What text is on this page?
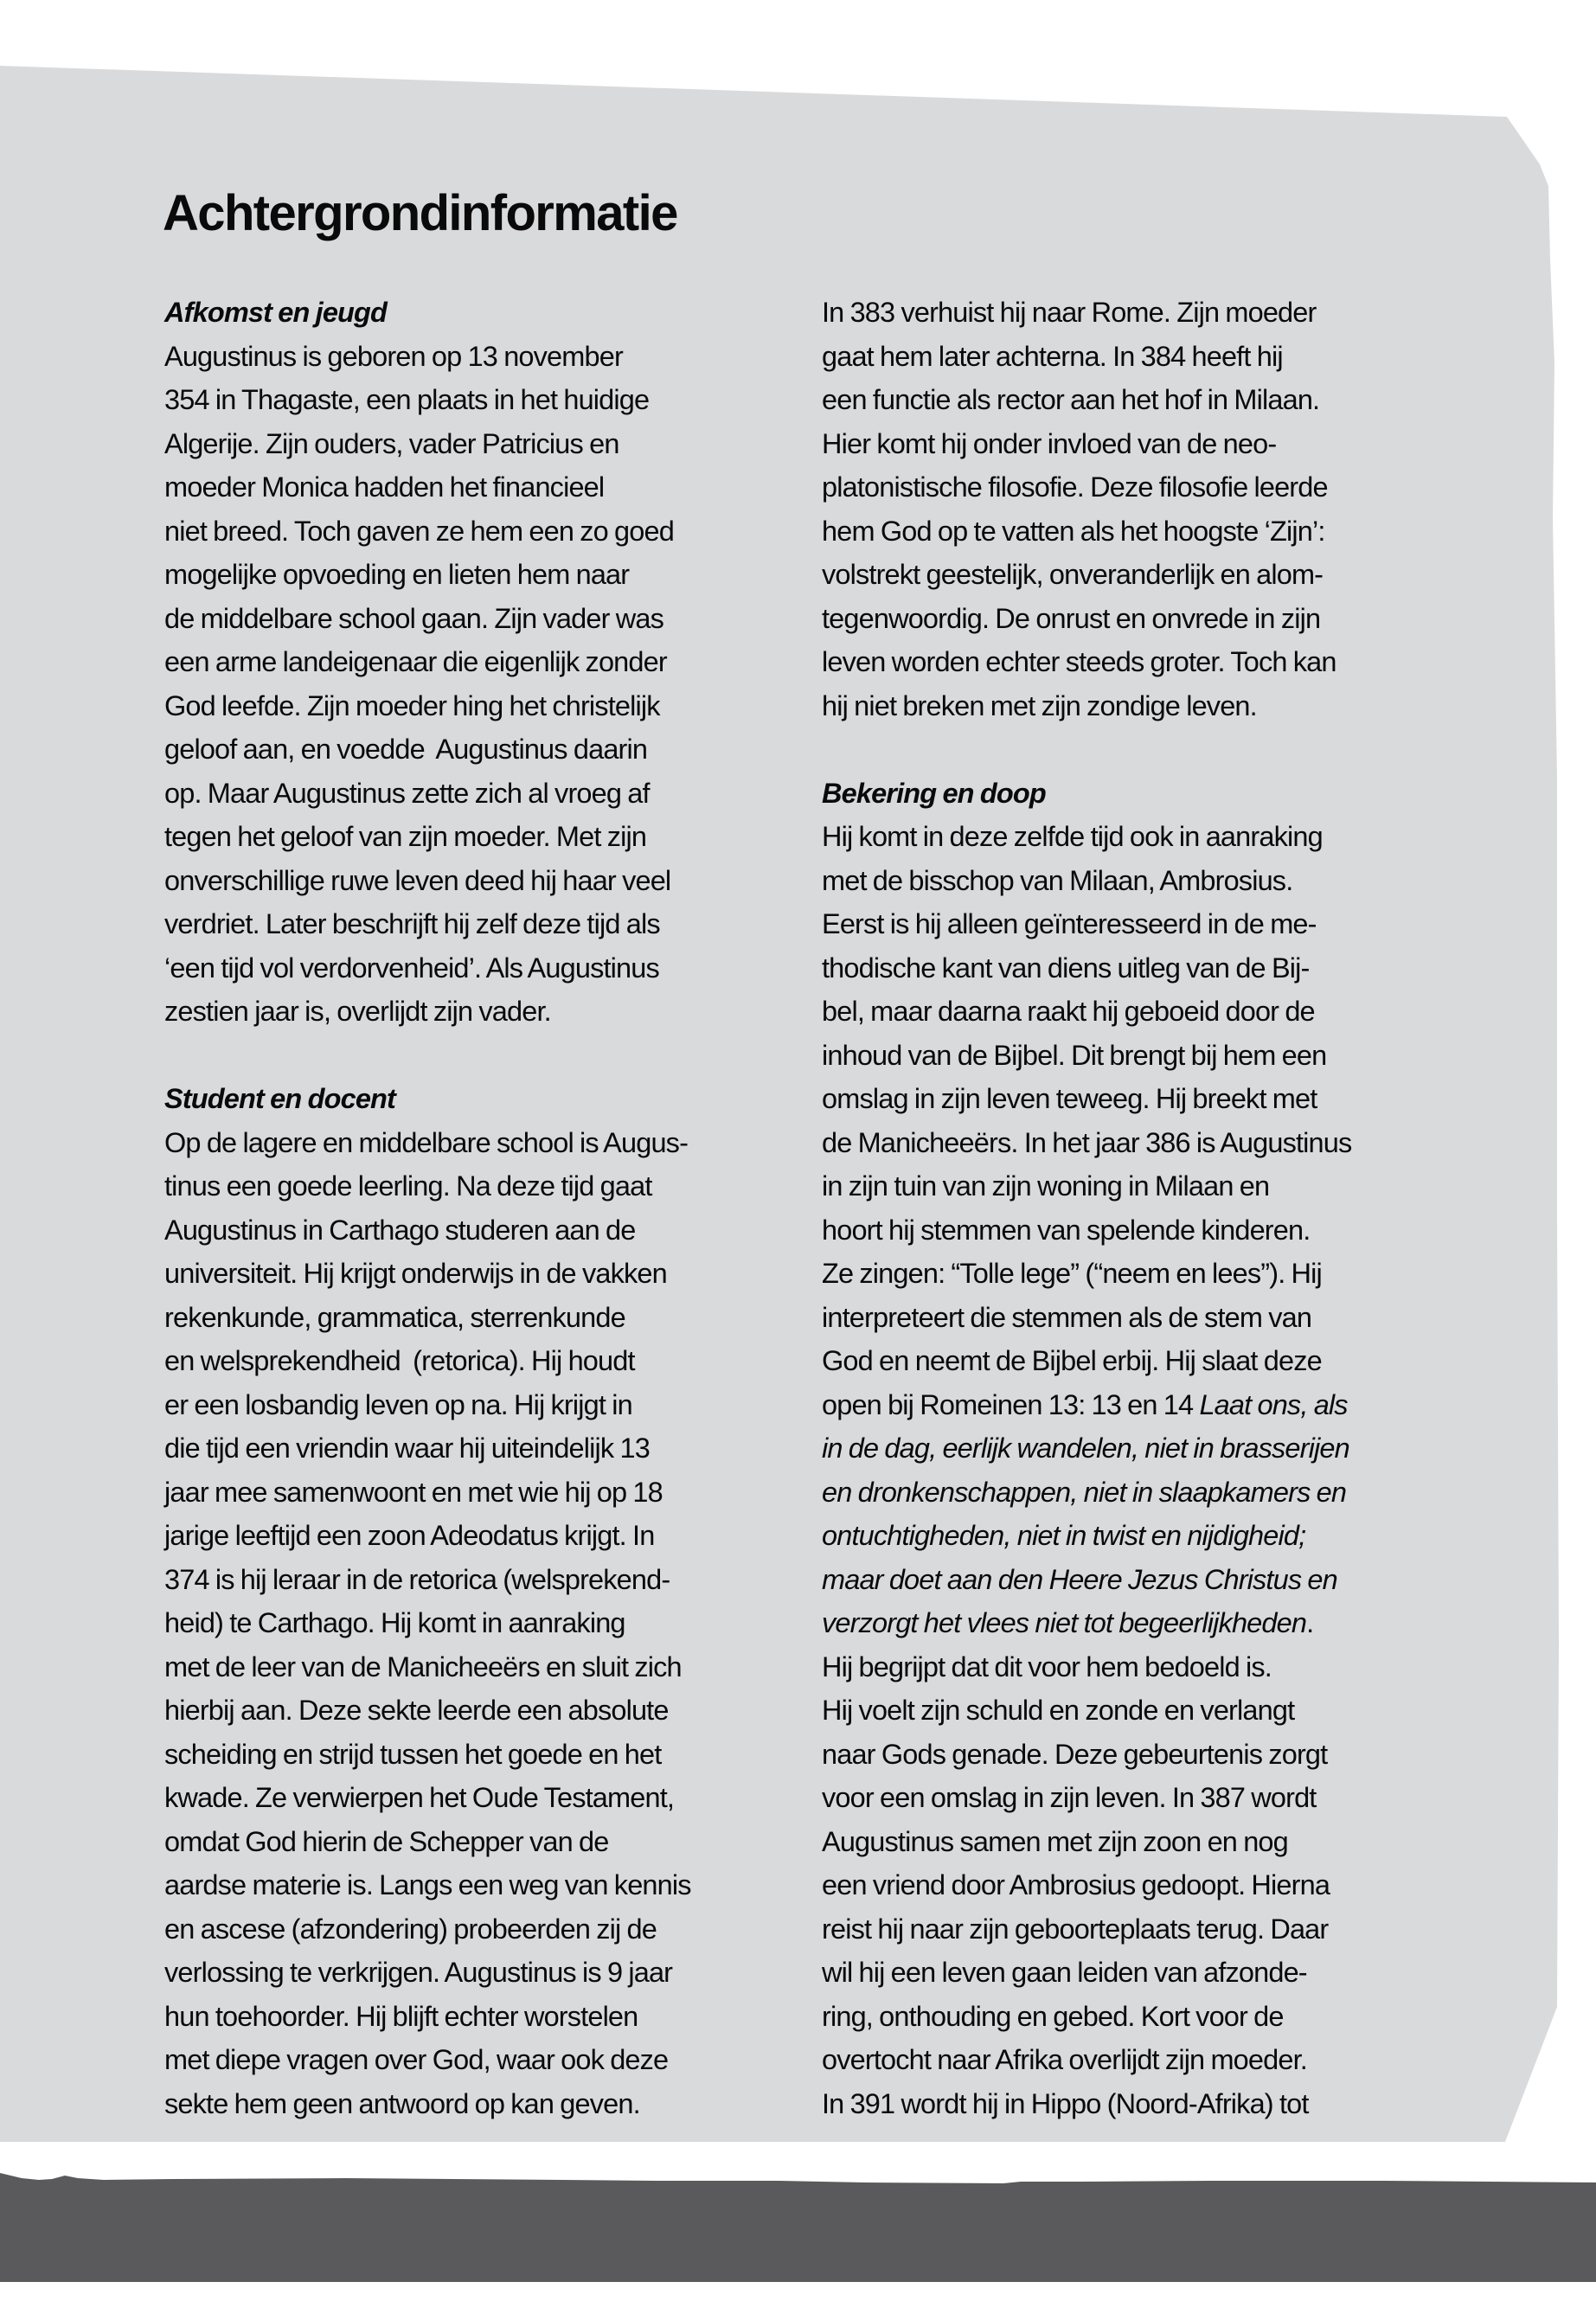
Achtergrondinformatie
Afkomst en jeugd
Augustinus is geboren op 13 november
354 in Thagaste, een plaats in het huidige
Algerije. Zijn ouders, vader Patricius en
moeder Monica hadden het financieel
niet breed. Toch gaven ze hem een zo goed
mogelijke opvoeding en lieten hem naar
de middelbare school gaan. Zijn vader was
een arme landeigenaar die eigenlijk zonder
God leefde. Zijn moeder hing het christelijk
geloof aan, en voedde  Augustinus daarin
op. Maar Augustinus zette zich al vroeg af
tegen het geloof van zijn moeder. Met zijn
onverschillige ruwe leven deed hij haar veel
verdriet. Later beschrijft hij zelf deze tijd als
‘een tijd vol verdorvenheid’. Als Augustinus
zestien jaar is, overlijdt zijn vader.
Student en docent
Op de lagere en middelbare school is Augus-
tinus een goede leerling. Na deze tijd gaat
Augustinus in Carthago studeren aan de
universiteit. Hij krijgt onderwijs in de vakken
rekenkunde, grammatica, sterrenkunde
en welsprekendheid  (retorica). Hij houdt
er een losbandig leven op na. Hij krijgt in
die tijd een vriendin waar hij uiteindelijk 13
jaar mee samenwoont en met wie hij op 18
jarige leeftijd een zoon Adeodatus krijgt. In
374 is hij leraar in de retorica (welsprekend-
heid) te Carthago. Hij komt in aanraking
met de leer van de Manicheeërs en sluit zich
hierbij aan. Deze sekte leerde een absolute
scheiding en strijd tussen het goede en het
kwade. Ze verwierpen het Oude Testament,
omdat God hierin de Schepper van de
aardse materie is. Langs een weg van kennis
en ascese (afzondering) probeerden zij de
verlossing te verkrijgen. Augustinus is 9 jaar
hun toehoorder. Hij blijft echter worstelen
met diepe vragen over God, waar ook deze
sekte hem geen antwoord op kan geven.
In 383 verhuist hij naar Rome. Zijn moeder
gaat hem later achterna. In 384 heeft hij
een functie als rector aan het hof in Milaan.
Hier komt hij onder invloed van de neo-
platonistische filosofie. Deze filosofie leerde
hem God op te vatten als het hoogste ‘Zijn’:
volstrekt geestelijk, onveranderlijk en alom-
tegenwoordig. De onrust en onvrede in zijn
leven worden echter steeds groter. Toch kan
hij niet breken met zijn zondige leven.
Bekering en doop
Hij komt in deze zelfde tijd ook in aanraking
met de bisschop van Milaan, Ambrosius.
Eerst is hij alleen geïnteresseerd in de me-
thodische kant van diens uitleg van de Bij-
bel, maar daarna raakt hij geboeid door de
inhoud van de Bijbel. Dit brengt bij hem een
omslag in zijn leven teweeg. Hij breekt met
de Manicheeërs. In het jaar 386 is Augustinus
in zijn tuin van zijn woning in Milaan en
hoort hij stemmen van spelende kinderen.
Ze zingen: “Tolle lege” (“neem en lees”). Hij
interpreteert die stemmen als de stem van
God en neemt de Bijbel erbij. Hij slaat deze
open bij Romeinen 13: 13 en 14 Laat ons, als
in de dag, eerlijk wandelen, niet in brasserijen
en dronkenschappen, niet in slaapkamers en
ontuchtigheden, niet in twist en nijdigheid;
maar doet aan den Heere Jezus Christus en
verzorgt het vlees niet tot begeerlijkheden.
Hij begrijpt dat dit voor hem bedoeld is.
Hij voelt zijn schuld en zonde en verlangt
naar Gods genade. Deze gebeurtenis zorgt
voor een omslag in zijn leven. In 387 wordt
Augustinus samen met zijn zoon en nog
een vriend door Ambrosius gedoopt. Hierna
reist hij naar zijn geboorteplaats terug. Daar
wil hij een leven gaan leiden van afzonde-
ring, onthouding en gebed. Kort voor de
overtocht naar Afrika overlijdt zijn moeder.
In 391 wordt hij in Hippo (Noord-Afrika) tot
